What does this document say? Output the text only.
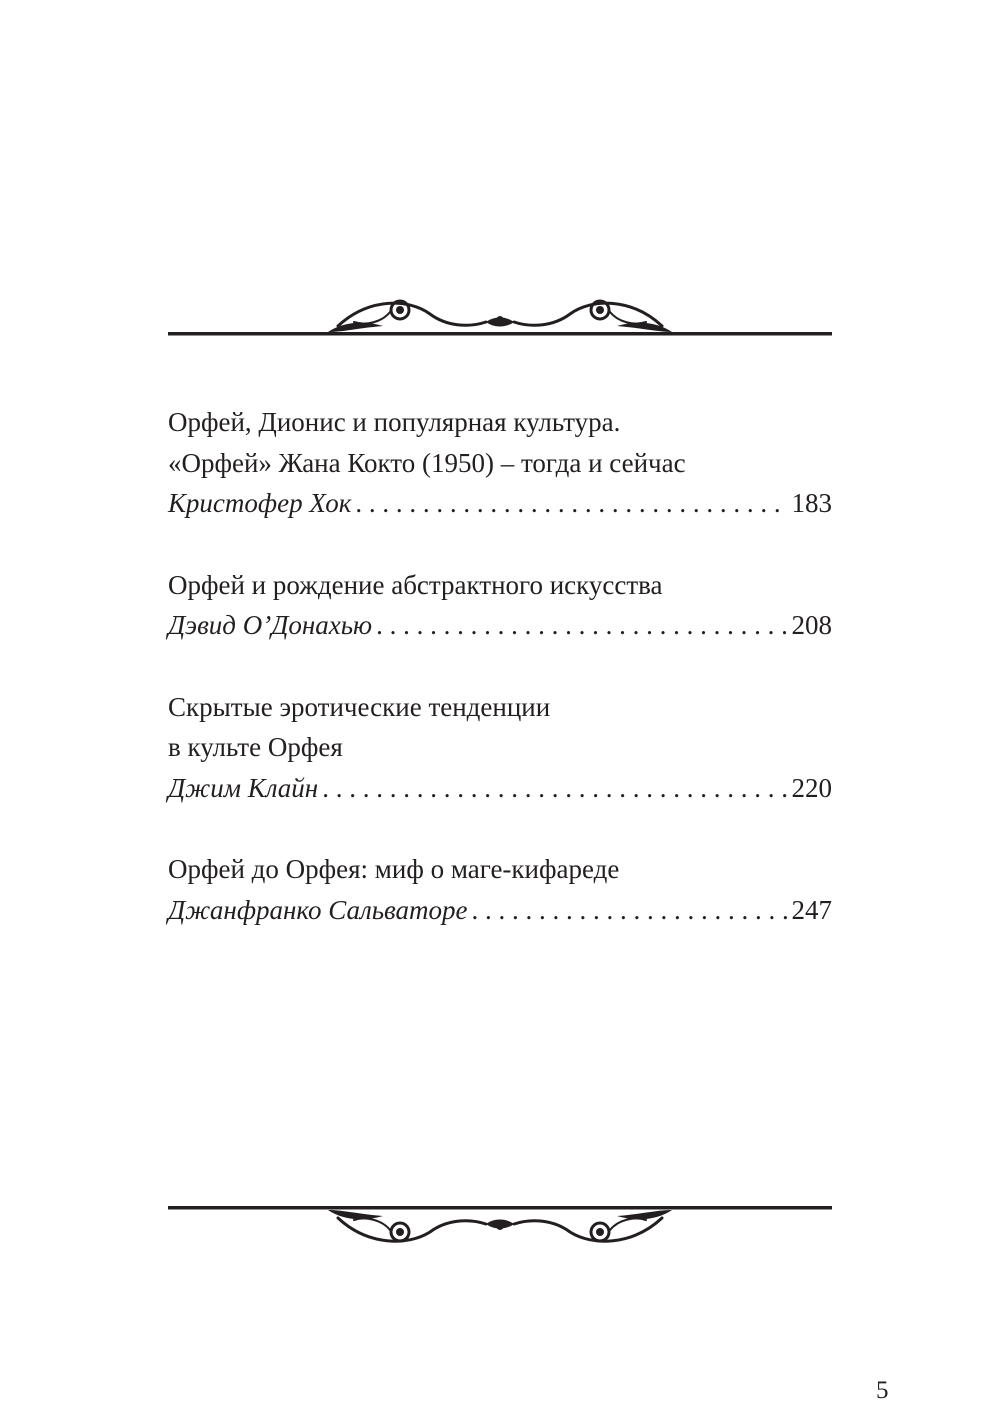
Орфей, Дионис и популярная культура.
«Орфей» Жана Кокто (1950) – тогда и сейчас
Кристофер Хок . . .	183
Орфей и рождение абстрактного искусства
Дэвид О’Донахью . . .	208
Скрытые эротические тенденции
в культе Орфея
Джим Клайн . . .	220
Орфей до Орфея: миф о маге-кифареде
Джанфранко Сальваторе . . .	247
5
